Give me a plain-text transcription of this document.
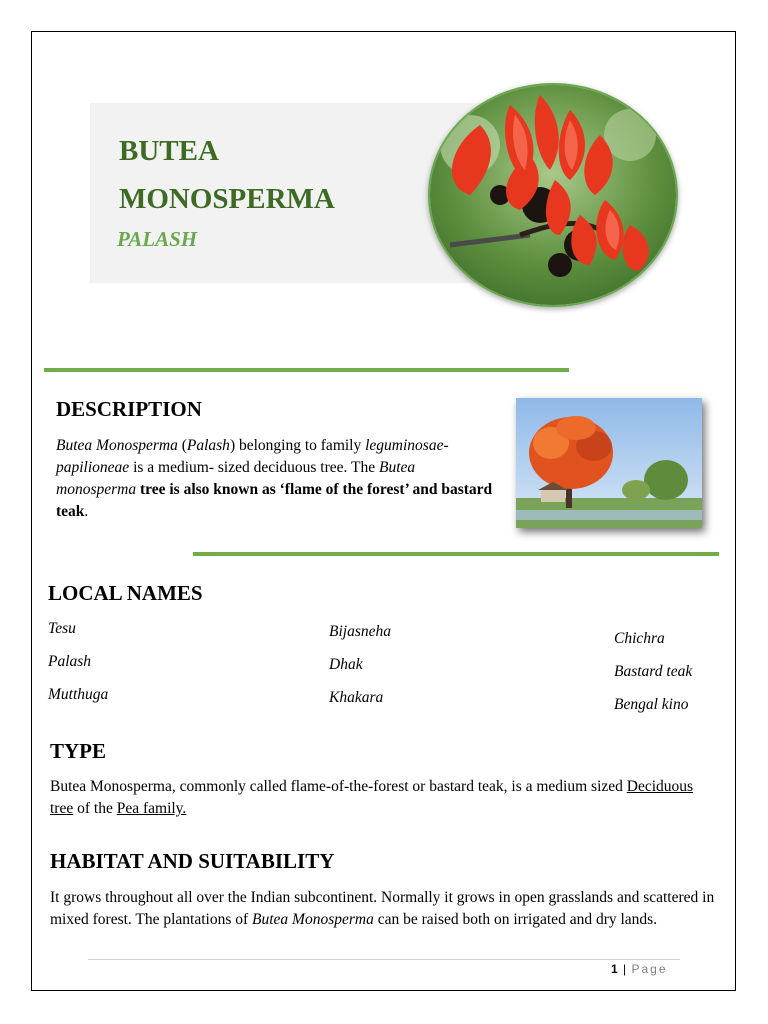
BUTEA
MONOSPERMA

PALASH

DESCRIPTION

Butea Monosperma (Palash) belonging to family leguminosae- papilioneae is a medium- sized deciduous tree. The Butea monosperma tree is also known as ‘flame of the forest’ and bastard teak.

LOCAL NAMES
Tesu
Palash
Mutthuga
Bijasneha
Dhak
Khakara
Chichra
Bastard teak
Bengal kino
TYPE

Butea Monosperma, commonly called flame-of-the-forest or bastard teak, is a medium sized Deciduous tree of the Pea family.

HABITAT AND SUITABILITY

It grows throughout all over the Indian subcontinent. Normally it grows in open grasslands and scattered in mixed forest. The plantations of Butea Monosperma can be raised both on irrigated and dry lands.

1 | Page
